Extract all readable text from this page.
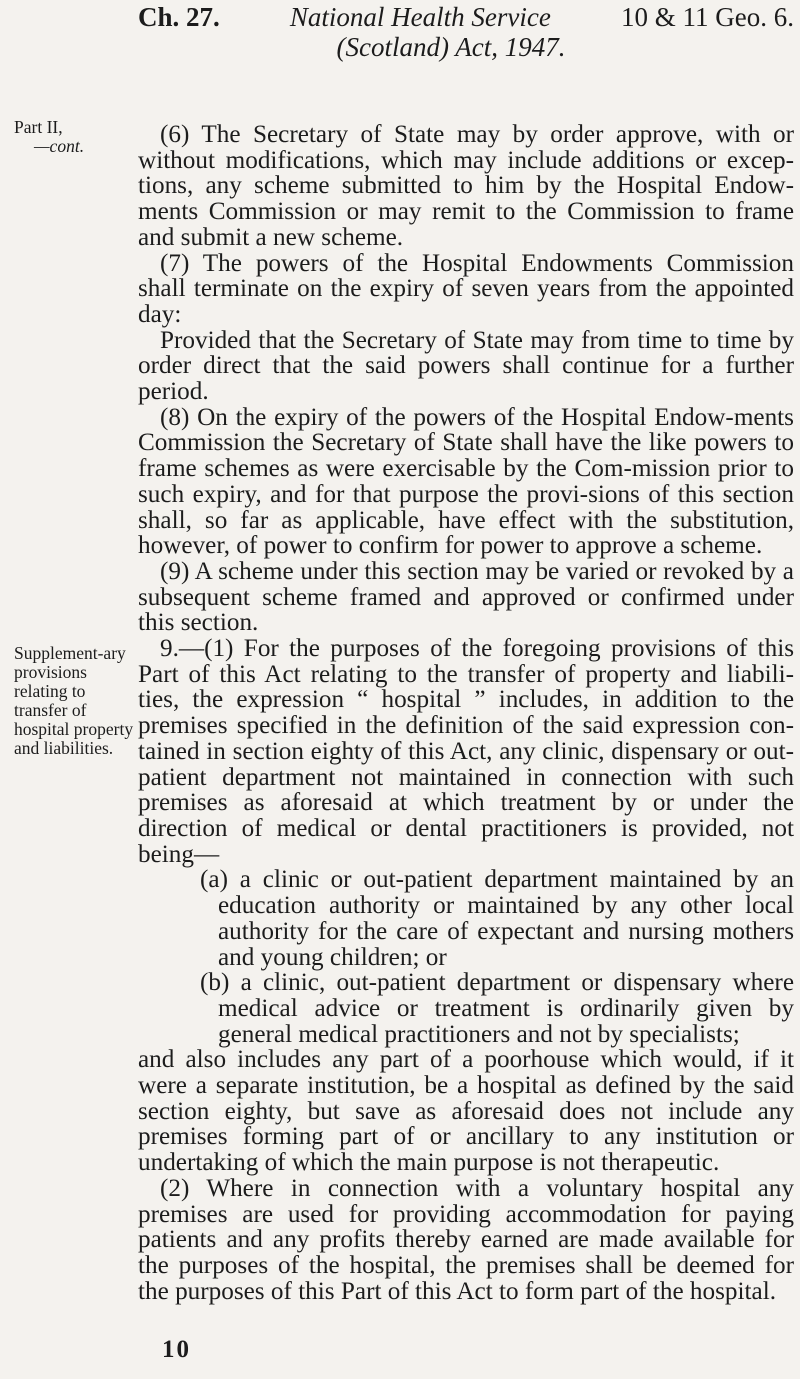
Ch. 27.	National Health Service	10 & 11 Geo. 6.
(Scotland) Act, 1947.
Part II,
—cont.
Supplement-ary provisions relating to transfer of hospital property and liabilities.

(6) The Secretary of State may by order approve, with or without modifications, which may include additions or excep-tions, any scheme submitted to him by the Hospital Endow-ments Commission or may remit to the Commission to frame and submit a new scheme.

(7) The powers of the Hospital Endowments Commission shall terminate on the expiry of seven years from the appointed day:

Provided that the Secretary of State may from time to time by order direct that the said powers shall continue for a further period.

(8) On the expiry of the powers of the Hospital Endow-ments Commission the Secretary of State shall have the like powers to frame schemes as were exercisable by the Com-mission prior to such expiry, and for that purpose the provi-sions of this section shall, so far as applicable, have effect with the substitution, however, of power to confirm for power to approve a scheme.

(9) A scheme under this section may be varied or revoked by a subsequent scheme framed and approved or confirmed under this section.

9.—(1) For the purposes of the foregoing provisions of this Part of this Act relating to the transfer of property and liabili-ties, the expression “ hospital ” includes, in addition to the premises specified in the definition of the said expression con-tained in section eighty of this Act, any clinic, dispensary or out-patient department not maintained in connection with such premises as aforesaid at which treatment by or under the direction of medical or dental practitioners is provided, not being—

(a) a clinic or out-patient department maintained by an education authority or maintained by any other local authority for the care of expectant and nursing mothers and young children; or

(b) a clinic, out-patient department or dispensary where medical advice or treatment is ordinarily given by general medical practitioners and not by specialists;

and also includes any part of a poorhouse which would, if it were a separate institution, be a hospital as defined by the said section eighty, but save as aforesaid does not include any premises forming part of or ancillary to any institution or undertaking of which the main purpose is not therapeutic.

(2) Where in connection with a voluntary hospital any premises are used for providing accommodation for paying patients and any profits thereby earned are made available for the purposes of the hospital, the premises shall be deemed for the purposes of this Part of this Act to form part of the hospital.

10
